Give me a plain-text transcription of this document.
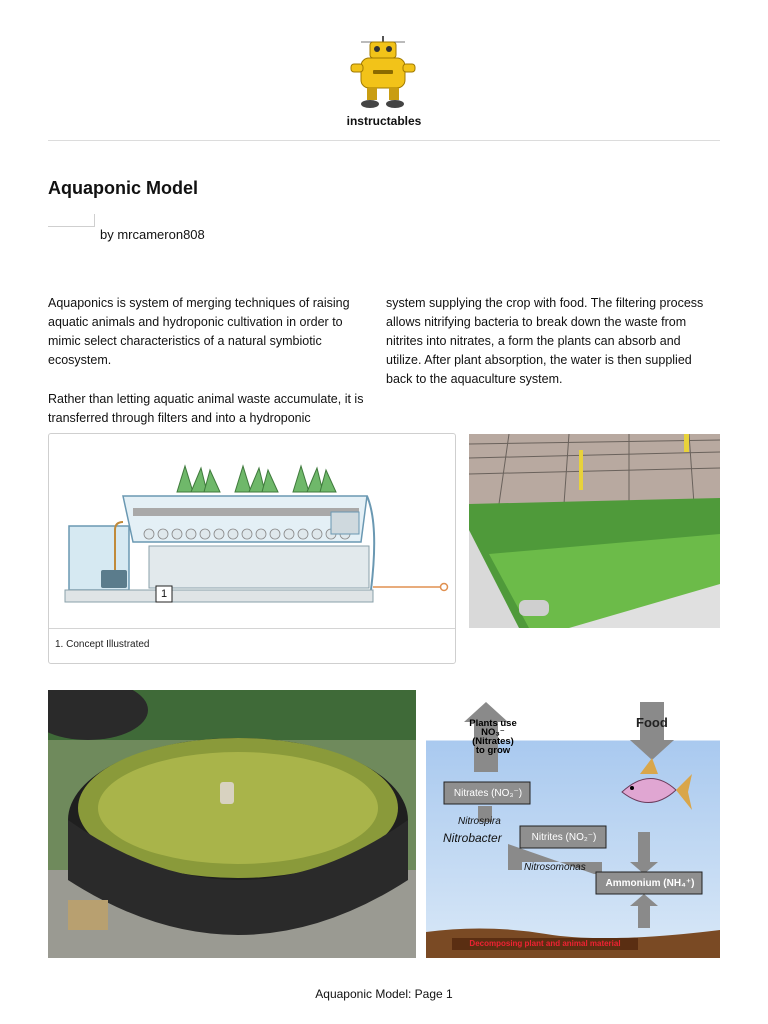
instructables
Aquaponic Model
by mrcameron808
Aquaponics is system of merging techniques of raising aquatic animals and hydroponic cultivation in order to mimic select characteristics of a natural symbiotic ecosystem.
Rather than letting aquatic animal waste accumulate, it is transferred through filters and into a hydroponic
system supplying the crop with food. The filtering process allows nitrifying bacteria to break down the waste from nitrites into nitrates, a form the plants can absorb and utilize. After plant absorption, the water is then supplied back to the aquaculture system.
1
1. Concept Illustrated
Plants use
NO₃⁻ (Nitrates)
to grow
Food
Nitrates (NO₃⁻)
Nitrospira
Nitrobacter	Nitrites (NO₂⁻)
Nitrosomonas
Ammonium (NH₄⁺)
Decomposing plant and animal material
Aquaponic Model: Page 1
